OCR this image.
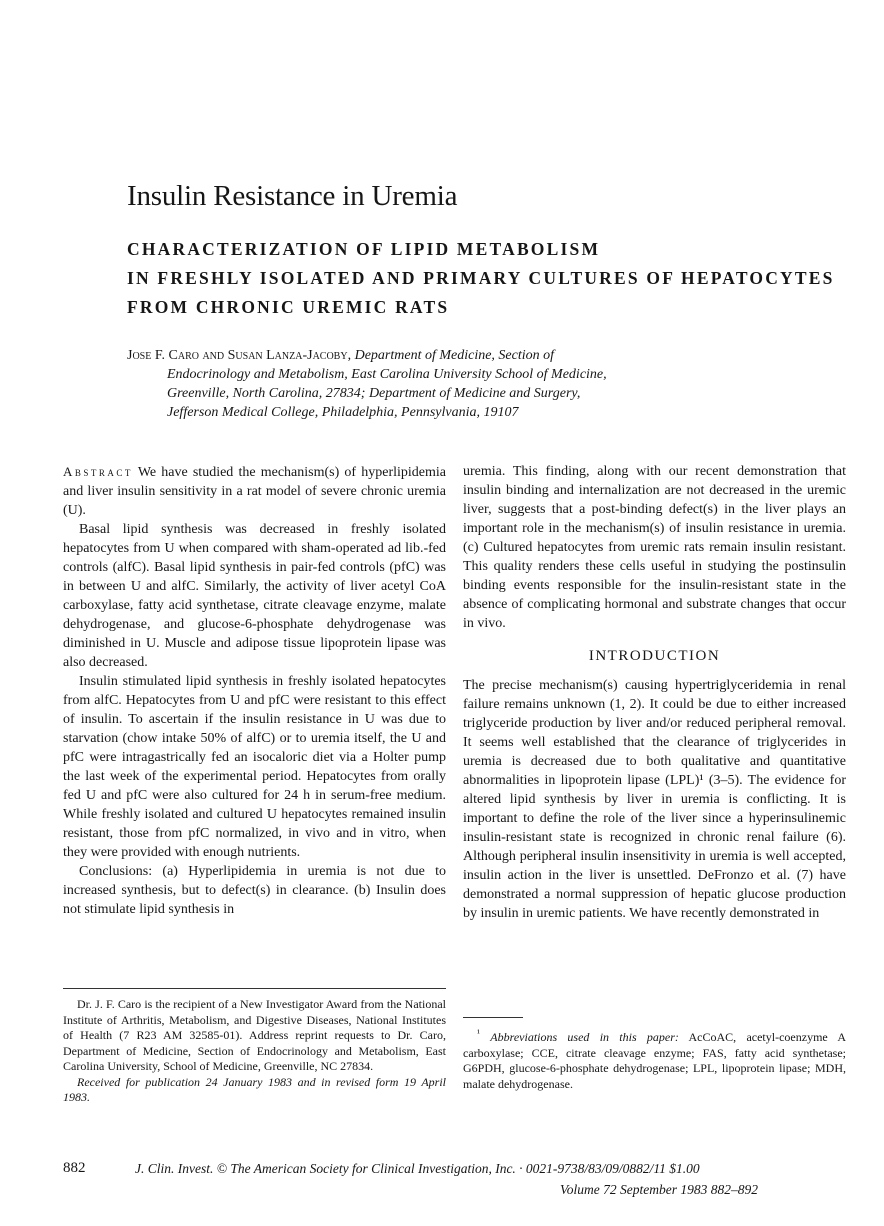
Insulin Resistance in Uremia
CHARACTERIZATION OF LIPID METABOLISM
IN FRESHLY ISOLATED AND PRIMARY CULTURES OF HEPATOCYTES
FROM CHRONIC UREMIC RATS
Jose F. Caro and Susan Lanza-Jacoby, Department of Medicine, Section of
Endocrinology and Metabolism, East Carolina University School of Medicine,
Greenville, North Carolina, 27834; Department of Medicine and Surgery,
Jefferson Medical College, Philadelphia, Pennsylvania, 19107

Abstract We have studied the mechanism(s) of hyperlipidemia and liver insulin sensitivity in a rat model of severe chronic uremia (U).

Basal lipid synthesis was decreased in freshly isolated hepatocytes from U when compared with sham-operated ad lib.-fed controls (alfC). Basal lipid synthesis in pair-fed controls (pfC) was in between U and alfC. Similarly, the activity of liver acetyl CoA carboxylase, fatty acid synthetase, citrate cleavage enzyme, malate dehydrogenase, and glucose-6-phosphate dehydrogenase was diminished in U. Muscle and adipose tissue lipoprotein lipase was also decreased.

Insulin stimulated lipid synthesis in freshly isolated hepatocytes from alfC. Hepatocytes from U and pfC were resistant to this effect of insulin. To ascertain if the insulin resistance in U was due to starvation (chow intake 50% of alfC) or to uremia itself, the U and pfC were intragastrically fed an isocaloric diet via a Holter pump the last week of the experimental period. Hepatocytes from orally fed U and pfC were also cultured for 24 h in serum-free medium. While freshly isolated and cultured U hepatocytes remained insulin resistant, those from pfC normalized, in vivo and in vitro, when they were provided with enough nutrients.

Conclusions: (a) Hyperlipidemia in uremia is not due to increased synthesis, but to defect(s) in clearance. (b) Insulin does not stimulate lipid synthesis in

Dr. J. F. Caro is the recipient of a New Investigator Award from the National Institute of Arthritis, Metabolism, and Digestive Diseases, National Institutes of Health (7 R23 AM 32585-01). Address reprint requests to Dr. Caro, Department of Medicine, Section of Endocrinology and Metabolism, East Carolina University, School of Medicine, Greenville, NC 27834.

Received for publication 24 January 1983 and in revised form 19 April 1983.

uremia. This finding, along with our recent demonstration that insulin binding and internalization are not decreased in the uremic liver, suggests that a post-binding defect(s) in the liver plays an important role in the mechanism(s) of insulin resistance in uremia. (c) Cultured hepatocytes from uremic rats remain insulin resistant. This quality renders these cells useful in studying the postinsulin binding events responsible for the insulin-resistant state in the absence of complicating hormonal and substrate changes that occur in vivo.

INTRODUCTION

The precise mechanism(s) causing hypertriglyceridemia in renal failure remains unknown (1, 2). It could be due to either increased triglyceride production by liver and/or reduced peripheral removal. It seems well established that the clearance of triglycerides in uremia is decreased due to both qualitative and quantitative abnormalities in lipoprotein lipase (LPL)¹ (3–5). The evidence for altered lipid synthesis by liver in uremia is conflicting. It is important to define the role of the liver since a hyperinsulinemic insulin-resistant state is recognized in chronic renal failure (6). Although peripheral insulin insensitivity in uremia is well accepted, insulin action in the liver is unsettled. DeFronzo et al. (7) have demonstrated a normal suppression of hepatic glucose production by insulin in uremic patients. We have recently demonstrated in

$^{^1}$ Abbreviations used in this paper: AcCoAC, acetyl-coenzyme A carboxylase; CCE, citrate cleavage enzyme; FAS, fatty acid synthetase; G6PDH, glucose-6-phosphate dehydrogenase; LPL, lipoprotein lipase; MDH, malate dehydrogenase.

882	J. Clin. Invest. © The American Society for Clinical Investigation, Inc. · 0021-9738/83/09/0882/11 $1.00
Volume 72 September 1983 882–892
